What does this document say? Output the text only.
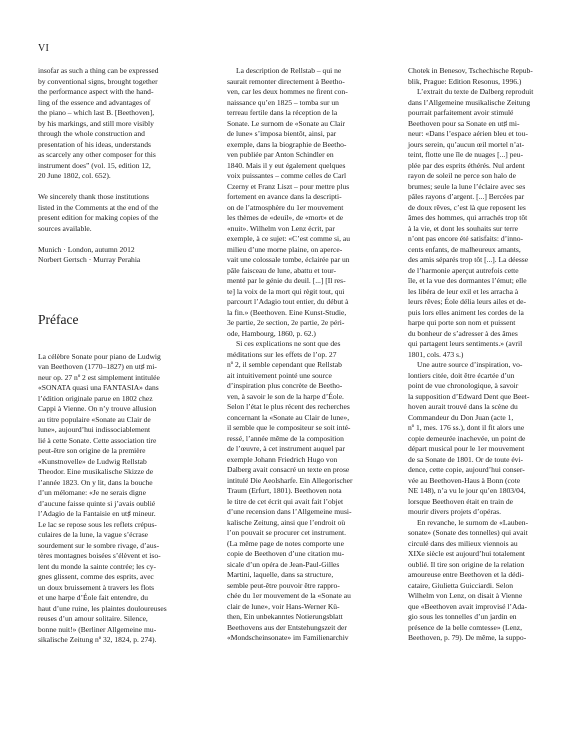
VI

insofar as such a thing can be expressed

by conventional signs, brought together

the performance aspect with the hand-

ling of the essence and advantages of

the piano – which last B. [Beethoven],

by his markings, and still more visibly

through the whole construction and

presentation of his ideas, understands

as scarcely any other composer for this

instrument does” (vol. 15, edition 12,

20 June 1802, col. 652).

We sincerely thank those institutions

listed in the Comments at the end of the

present edition for making copies of the

sources available.

Munich · London, autumn 2012

Norbert Gertsch · Murray Perahia

Préface

La célèbre Sonate pour piano de Ludwig

van Beethoven (1770–1827) en ut♯ mi-

neur op. 27 nº 2 est simplement intitulée

«SONATA quasi una FANTASIA» dans

l’édition originale parue en 1802 chez

Cappi à Vienne. On n’y trouve allusion

au titre populaire «Sonate au Clair de

lune», aujourd’hui indissociablement

lié à cette Sonate. Cette association tire

peut-être son origine de la première

«Kunstnovelle» de Ludwig Rellstab

Theodor. Eine musikalische Skizze de

l’année 1823. On y lit, dans la bouche

d’un mélomane: «Je ne serais digne

d’aucune faisse quinte si j’avais oublié

l’Adagio de la Fantaisie en ut♯ mineur.

Le lac se repose sous les reflets crépus-

culaires de la lune, la vague s’écrase

sourdement sur le sombre rivage, d’aus-

tères montagnes boisées s’élèvent et iso-

lent du monde la sainte contrée; les cy-

gnes glissent, comme des esprits, avec

un doux bruissement à travers les flots

et une harpe d’Éole fait entendre, du

haut d’une ruine, les plaintes douloureuses

reuses d’un amour solitaire. Silence,

bonne nuit!» (Berliner Allgemeine mu-

sikalische Zeitung nº 32, 1824, p. 274).

La description de Rellstab – qui ne

saurait remonter directement à Beetho-

ven, car les deux hommes ne firent con-

naissance qu’en 1825 – tomba sur un

terreau fertile dans la réception de la

Sonate. Le surnom de «Sonate au Clair

de lune» s’imposa bientôt, ainsi, par

exemple, dans la biographie de Beetho-

ven publiée par Anton Schindler en

1840. Mais il y eut également quelques

voix puissantes – comme celles de Carl

Czerny et Franz Liszt – pour mettre plus

fortement en avance dans la descripti-

on de l’atmosphère du 1er mouvement

les thèmes de «deuil», de «mort» et de

«nuit». Wilhelm von Lenz écrit, par

exemple, à ce sujet: «C’est comme si, au

milieu d’une morne plaine, on aperce-

vait une colossale tombe, éclairée par un

pâle faisceau de lune, abattu et tour-

menté par le génie du deuil. [...] [Il res-

te] la voix de la mort qui règit tout, qui

parcourt l’Adagio tout entier, du début à

la fin.» (Beethoven. Eine Kunst-Studie,

3e partie, 2e section, 2e partie, 2e péri-

ode, Hambourg, 1860, p. 62.)

Si ces explications ne sont que des

méditations sur les effets de l’op. 27

nº 2, il semble cependant que Rellstab

ait intuitivement pointé une source

d’inspiration plus concrète de Beetho-

ven, à savoir le son de la harpe d’Éole.

Selon l’état le plus récent des recherches

concernant la «Sonate au Clair de lune»,

il semble que le compositeur se soit inté-

ressé, l’année même de la composition

de l’œuvre, à cet instrument auquel par

exemple Johann Friedrich Hugo von

Dalberg avait consacré un texte en prose

intitulé Die Aeolsharfe. Ein Allegorischer

Traum (Erfurt, 1801). Beethoven nota

le titre de cet écrit qui avait fait l’objet

d’une recension dans l’Allgemeine musi-

kalische Zeitung, ainsi que l’endroit où

l’on pouvait se procurer cet instrument.

(La même page de notes comporte une

copie de Beethoven d’une citation mu-

sicale d’un opéra de Jean-Paul-Gilles

Martini, laquelle, dans sa structure,

semble peut-être pouvoir être rappro-

chée du 1er mouvement de la «Sonate au

clair de lune», voir Hans-Werner Kü-

then, Ein unbekanntes Notierungsblatt

Beethovens aus der Entstehungszeit der

«Mondscheinsonate» im Familienarchiv

Chotek in Benesov, Tschechische Repub-

blik, Prague: Edition Resonus, 1996.)

L’extrait du texte de Dalberg reproduit

dans l’Allgemeine musikalische Zeitung

pourrait parfaitement avoir stimulé

Beethoven pour sa Sonate en ut♯ mi-

neur: «Dans l’espace aérien bleu et tou-

jours serein, qu’aucun œil mortel n’at-

teint, flotte une île de nuages [...] peu-

plée par des esprits éthérés. Nul ardent

rayon de soleil ne perce son halo de

brumes; seule la lune l’éclaire avec ses

pâles rayons d’argent. [...] Bercées par

de doux rêves, c’est là que reposent les

âmes des hommes, qui arrachés trop tôt

à la vie, et dont les souhaits sur terre

n’ont pas encore été satisfaits: d’inno-

cents enfants, de malheureux amants,

des amis séparés trop tôt [...]. La déesse

de l’harmonie aperçut autrefois cette

île, et la vue des dormantes l’émut; elle

les libéra de leur exil et les arracha à

leurs rêves; Éole délia leurs ailes et de-

puis lors elles animent les cordes de la

harpe qui porte son nom et puissent

du bonheur de s’adresser à des âmes

qui partagent leurs sentiments.» (avril

1801, cols. 473 s.)

Une autre source d’inspiration, vo-

lontiers citée, doit être écartée d’un

point de vue chronologique, à savoir

la supposition d’Edward Dent que Beet-

hoven aurait trouvé dans la scène du

Commandeur du Don Juan (acte 1,

nº 1, mes. 176 ss.), dont il fit alors une

copie demeurée inachevée, un point de

départ musical pour le 1er mouvement

de sa Sonate de 1801. Or de toute évi-

dence, cette copie, aujourd’hui conser-

vée au Beethoven-Haus à Bonn (cote

NE 148), n’a vu le jour qu’en 1803/04,

lorsque Beethoven était en train de

mourir divers projets d’opéras.

En revanche, le surnom de «Lauben-

sonate» (Sonate des tonnelles) qui avait

circulé dans des milieux viennois au

XIXe siècle est aujourd’hui totalement

oublié. Il tire son origine de la relation

amoureuse entre Beethoven et la dédi-

cataire, Giulietta Guicciardi. Selon

Wilhelm von Lenz, on disait à Vienne

que «Beethoven avait improvisé l’Ada-

gio sous les tonnelles d’un jardin en

présence de la belle comtesse» (Lenz,

Beethoven, p. 79). De même, la suppo-
